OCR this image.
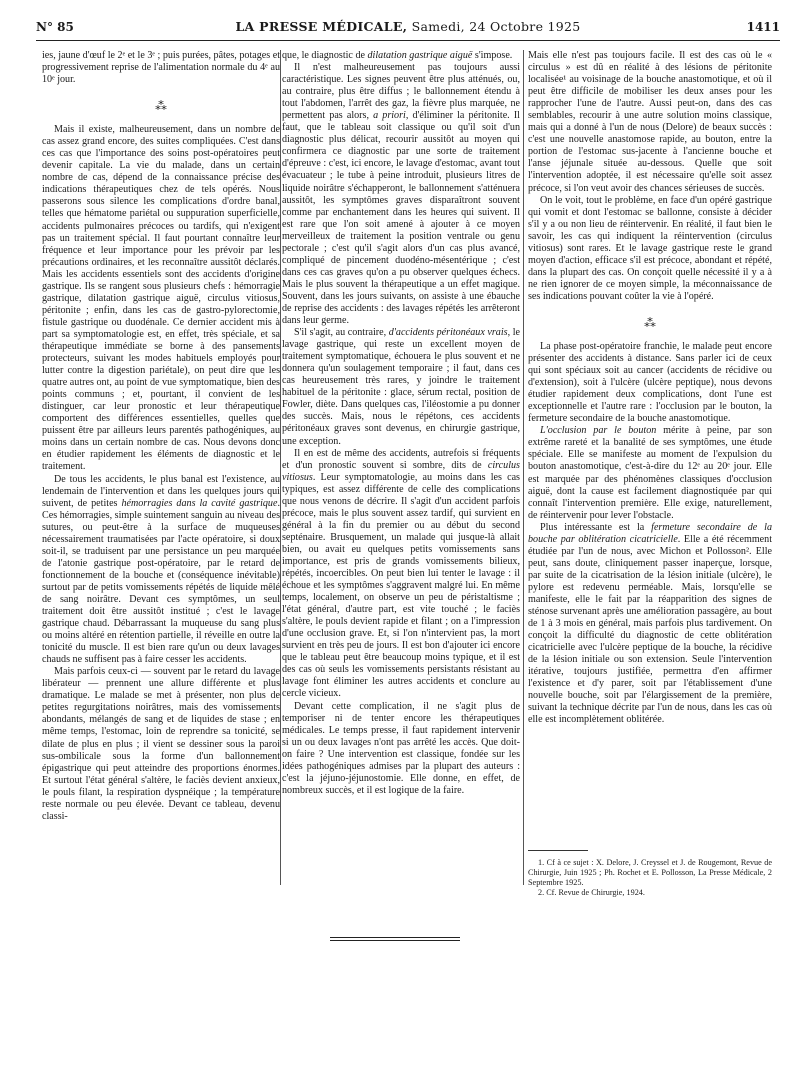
N° 85	LA PRESSE MÉDICALE, Samedi, 24 Octobre 1925	1411

ies, jaune d'œuf le 2ᵉ et le 3ᵉ ; puis purées, pâtes, potages et progressivement reprise de l'alimentation normale du 4ᵉ au 10ᵉ jour.

⁂

Mais il existe, malheureusement, dans un nombre de cas assez grand encore, des suites compliquées. C'est dans ces cas que l'importance des soins post-opératoires peut devenir capitale. La vie du malade, dans un certain nombre de cas, dépend de la connaissance précise des indications thérapeutiques chez de tels opérés. Nous passerons sous silence les complications d'ordre banal, telles que hématome pariétal ou suppuration superficielle, accidents pulmonaires précoces ou tardifs, qui n'exigent pas un traitement spécial. Il faut pourtant connaître leur fréquence et leur importance pour les prévoir par les précautions ordinaires, et les reconnaître aussitôt déclarés. Mais les accidents essentiels sont des accidents d'origine gastrique. Ils se rangent sous plusieurs chefs : hémorragie gastrique, dilatation gastrique aiguë, circulus vitiosus, péritonite ; enfin, dans les cas de gastro-pylorectomie, fistule gastrique ou duodénale. Ce dernier accident mis à part sa symptomatologie est, en effet, très spéciale, et sa thérapeutique immédiate se borne à des pansements protecteurs, suivant les modes habituels employés pour lutter contre la digestion pariétale), on peut dire que les quatre autres ont, au point de vue symptomatique, bien des points communs ; et, pourtant, il convient de les distinguer, car leur pronostic et leur thérapeutique comportent des différences essentielles, quelles que puissent être par ailleurs leurs parentés pathogéniques, au moins dans un certain nombre de cas. Nous devons donc en étudier rapidement les éléments de diagnostic et le traitement.

De tous les accidents, le plus banal est l'existence, au lendemain de l'intervention et dans les quelques jours qui suivent, de petites hémorragies dans la cavité gastrique. Ces hémorragies, simple suintement sanguin au niveau des sutures, ou peut-être à la surface de muqueuses nécessairement traumatisées par l'acte opératoire, si doux soit-il, se traduisent par une persistance un peu marquée de l'atonie gastrique post-opératoire, par le retard de fonctionnement de la bouche et (conséquence inévitable) surtout par de petits vomissements répétés de liquide mêlé de sang noirâtre. Devant ces symptômes, un seul traitement doit être aussitôt institué ; c'est le lavage gastrique chaud. Débarrassant la muqueuse du sang plus ou moins altéré en rétention partielle, il réveille en outre la tonicité du muscle. Il est bien rare qu'un ou deux lavages chauds ne suffisent pas à faire cesser les accidents.

Mais parfois ceux-ci — souvent par le retard du lavage libérateur — prennent une allure différente et plus dramatique. Le malade se met à présenter, non plus de petites regurgitations noirâtres, mais des vomissements abondants, mélangés de sang et de liquides de stase ; en même temps, l'estomac, loin de reprendre sa tonicité, se dilate de plus en plus ; il vient se dessiner sous la paroi sus-ombilicale sous la forme d'un ballonnement épigastrique qui peut atteindre des proportions énormes. Et surtout l'état général s'altère, le faciès devient anxieux, le pouls filant, la respiration dyspnéique ; la température reste normale ou peu élevée. Devant ce tableau, devenu classi-

que, le diagnostic de dilatation gastrique aiguë s'impose.

Il n'est malheureusement pas toujours aussi caractéristique. Les signes peuvent être plus atténués, ou, au contraire, plus être diffus ; le ballonnement étendu à tout l'abdomen, l'arrêt des gaz, la fièvre plus marquée, ne permettent pas alors, a priori, d'éliminer la péritonite. Il faut, que le tableau soit classique ou qu'il soit d'un diagnostic plus délicat, recourir aussitôt au moyen qui confirmera ce diagnostic par une sorte de traitement d'épreuve : c'est, ici encore, le lavage d'estomac, avant tout évacuateur ; le tube à peine introduit, plusieurs litres de liquide noirâtre s'échapperont, le ballonnement s'atténuera aussitôt, les symptômes graves disparaîtront souvent comme par enchantement dans les heures qui suivent. Il est rare que l'on soit amené à ajouter à ce moyen merveilleux de traitement la position ventrale ou genu pectorale ; c'est qu'il s'agit alors d'un cas plus avancé, compliqué de pincement duodéno-mésentérique ; c'est dans ces cas graves qu'on a pu observer quelques échecs. Mais le plus souvent la thérapeutique a un effet magique. Souvent, dans les jours suivants, on assiste à une ébauche de reprise des accidents : des lavages répétés les arrêteront dans leur germe.

S'il s'agit, au contraire, d'accidents péritonéaux vrais, le lavage gastrique, qui reste un excellent moyen de traitement symptomatique, échouera le plus souvent et ne donnera qu'un soulagement temporaire ; il faut, dans ces cas heureusement très rares, y joindre le traitement habituel de la péritonite : glace, sérum rectal, position de Fowler, diète. Dans quelques cas, l'iléostomie a pu donner des succès. Mais, nous le répétons, ces accidents péritonéaux graves sont devenus, en chirurgie gastrique, une exception.

Il en est de même des accidents, autrefois si fréquents et d'un pronostic souvent si sombre, dits de circulus vitiosus. Leur symptomatologie, au moins dans les cas typiques, est assez différente de celle des complications que nous venons de décrire. Il s'agit d'un accident parfois précoce, mais le plus souvent assez tardif, qui survient en général à la fin du premier ou au début du second septénaire. Brusquement, un malade qui jusque-là allait bien, ou avait eu quelques petits vomissements sans importance, est pris de grands vomissements bilieux, répétés, incoercibles. On peut bien lui tenter le lavage : il échoue et les symptômes s'aggravent malgré lui. En même temps, localement, on observe un peu de péristaltisme ; l'état général, d'autre part, est vite touché ; le faciès s'altère, le pouls devient rapide et filant ; on a l'impression d'une occlusion grave. Et, si l'on n'intervient pas, la mort survient en très peu de jours. Il est bon d'ajouter ici encore que le tableau peut être beaucoup moins typique, et il est des cas où seuls les vomissements persistants résistant au lavage font éliminer les autres accidents et conclure au cercle vicieux.

Devant cette complication, il ne s'agit plus de temporiser ni de tenter encore les thérapeutiques médicales. Le temps presse, il faut rapidement intervenir si un ou deux lavages n'ont pas arrêté les accès. Que doit-on faire ? Une intervention est classique, fondée sur les idées pathogéniques admises par la plupart des auteurs : c'est la jéjuno-jéjunostomie. Elle donne, en effet, de nombreux succès, et il est logique de la faire.

Mais elle n'est pas toujours facile. Il est des cas où le « circulus » est dû en réalité à des lésions de péritonite localisée¹ au voisinage de la bouche anastomotique, et où il peut être difficile de mobiliser les deux anses pour les rapprocher l'une de l'autre. Aussi peut-on, dans des cas semblables, recourir à une autre solution moins classique, mais qui a donné à l'un de nous (Delore) de beaux succès : c'est une nouvelle anastomose rapide, au bouton, entre la portion de l'estomac sus-jacente à l'ancienne bouche et l'anse jéjunale située au-dessous. Quelle que soit l'intervention adoptée, il est nécessaire qu'elle soit assez précoce, si l'on veut avoir des chances sérieuses de succès.

On le voit, tout le problème, en face d'un opéré gastrique qui vomit et dont l'estomac se ballonne, consiste à décider s'il y a ou non lieu de réintervenir. En réalité, il faut bien le savoir, les cas qui indiquent la réintervention (circulus vitiosus) sont rares. Et le lavage gastrique reste le grand moyen d'action, efficace s'il est précoce, abondant et répété, dans la plupart des cas. On conçoit quelle nécessité il y a à ne rien ignorer de ce moyen simple, la méconnaissance de ses indications pouvant coûter la vie à l'opéré.

⁂

La phase post-opératoire franchie, le malade peut encore présenter des accidents à distance. Sans parler ici de ceux qui sont spéciaux soit au cancer (accidents de récidive ou d'extension), soit à l'ulcère (ulcère peptique), nous devons étudier rapidement deux complications, dont l'une est exceptionnelle et l'autre rare : l'occlusion par le bouton, la fermeture secondaire de la bouche anastomotique.

L'occlusion par le bouton mérite à peine, par son extrême rareté et la banalité de ses symptômes, une étude spéciale. Elle se manifeste au moment de l'expulsion du bouton anastomotique, c'est-à-dire du 12ᵉ au 20ᵉ jour. Elle est marquée par des phénomènes classiques d'occlusion aiguë, dont la cause est facilement diagnostiquée par qui connaît l'intervention première. Elle exige, naturellement, de réintervenir pour lever l'obstacle.

Plus intéressante est la fermeture secondaire de la bouche par oblitération cicatricielle. Elle a été récemment étudiée par l'un de nous, avec Michon et Pollosson². Elle peut, sans doute, cliniquement passer inaperçue, lorsque, par suite de la cicatrisation de la lésion initiale (ulcère), le pylore est redevenu perméable. Mais, lorsqu'elle se manifeste, elle le fait par la réapparition des signes de sténose survenant après une amélioration passagère, au bout de 1 à 3 mois en général, mais parfois plus tardivement. On conçoit la difficulté du diagnostic de cette oblitération cicatricielle avec l'ulcère peptique de la bouche, la récidive de la lésion initiale ou son extension. Seule l'intervention itérative, toujours justifiée, permettra d'en affirmer l'existence et d'y parer, soit par l'établissement d'une nouvelle bouche, soit par l'élargissement de la première, suivant la technique décrite par l'un de nous, dans les cas où elle est incomplètement oblitérée.

1. Cf à ce sujet : X. Delore, J. Creyssel et J. de Rougemont, Revue de Chirurgie, Juin 1925 ; Ph. Rochet et E. Pollosson, La Presse Médicale, 2 Septembre 1925.

2. Cf. Revue de Chirurgie, 1924.
